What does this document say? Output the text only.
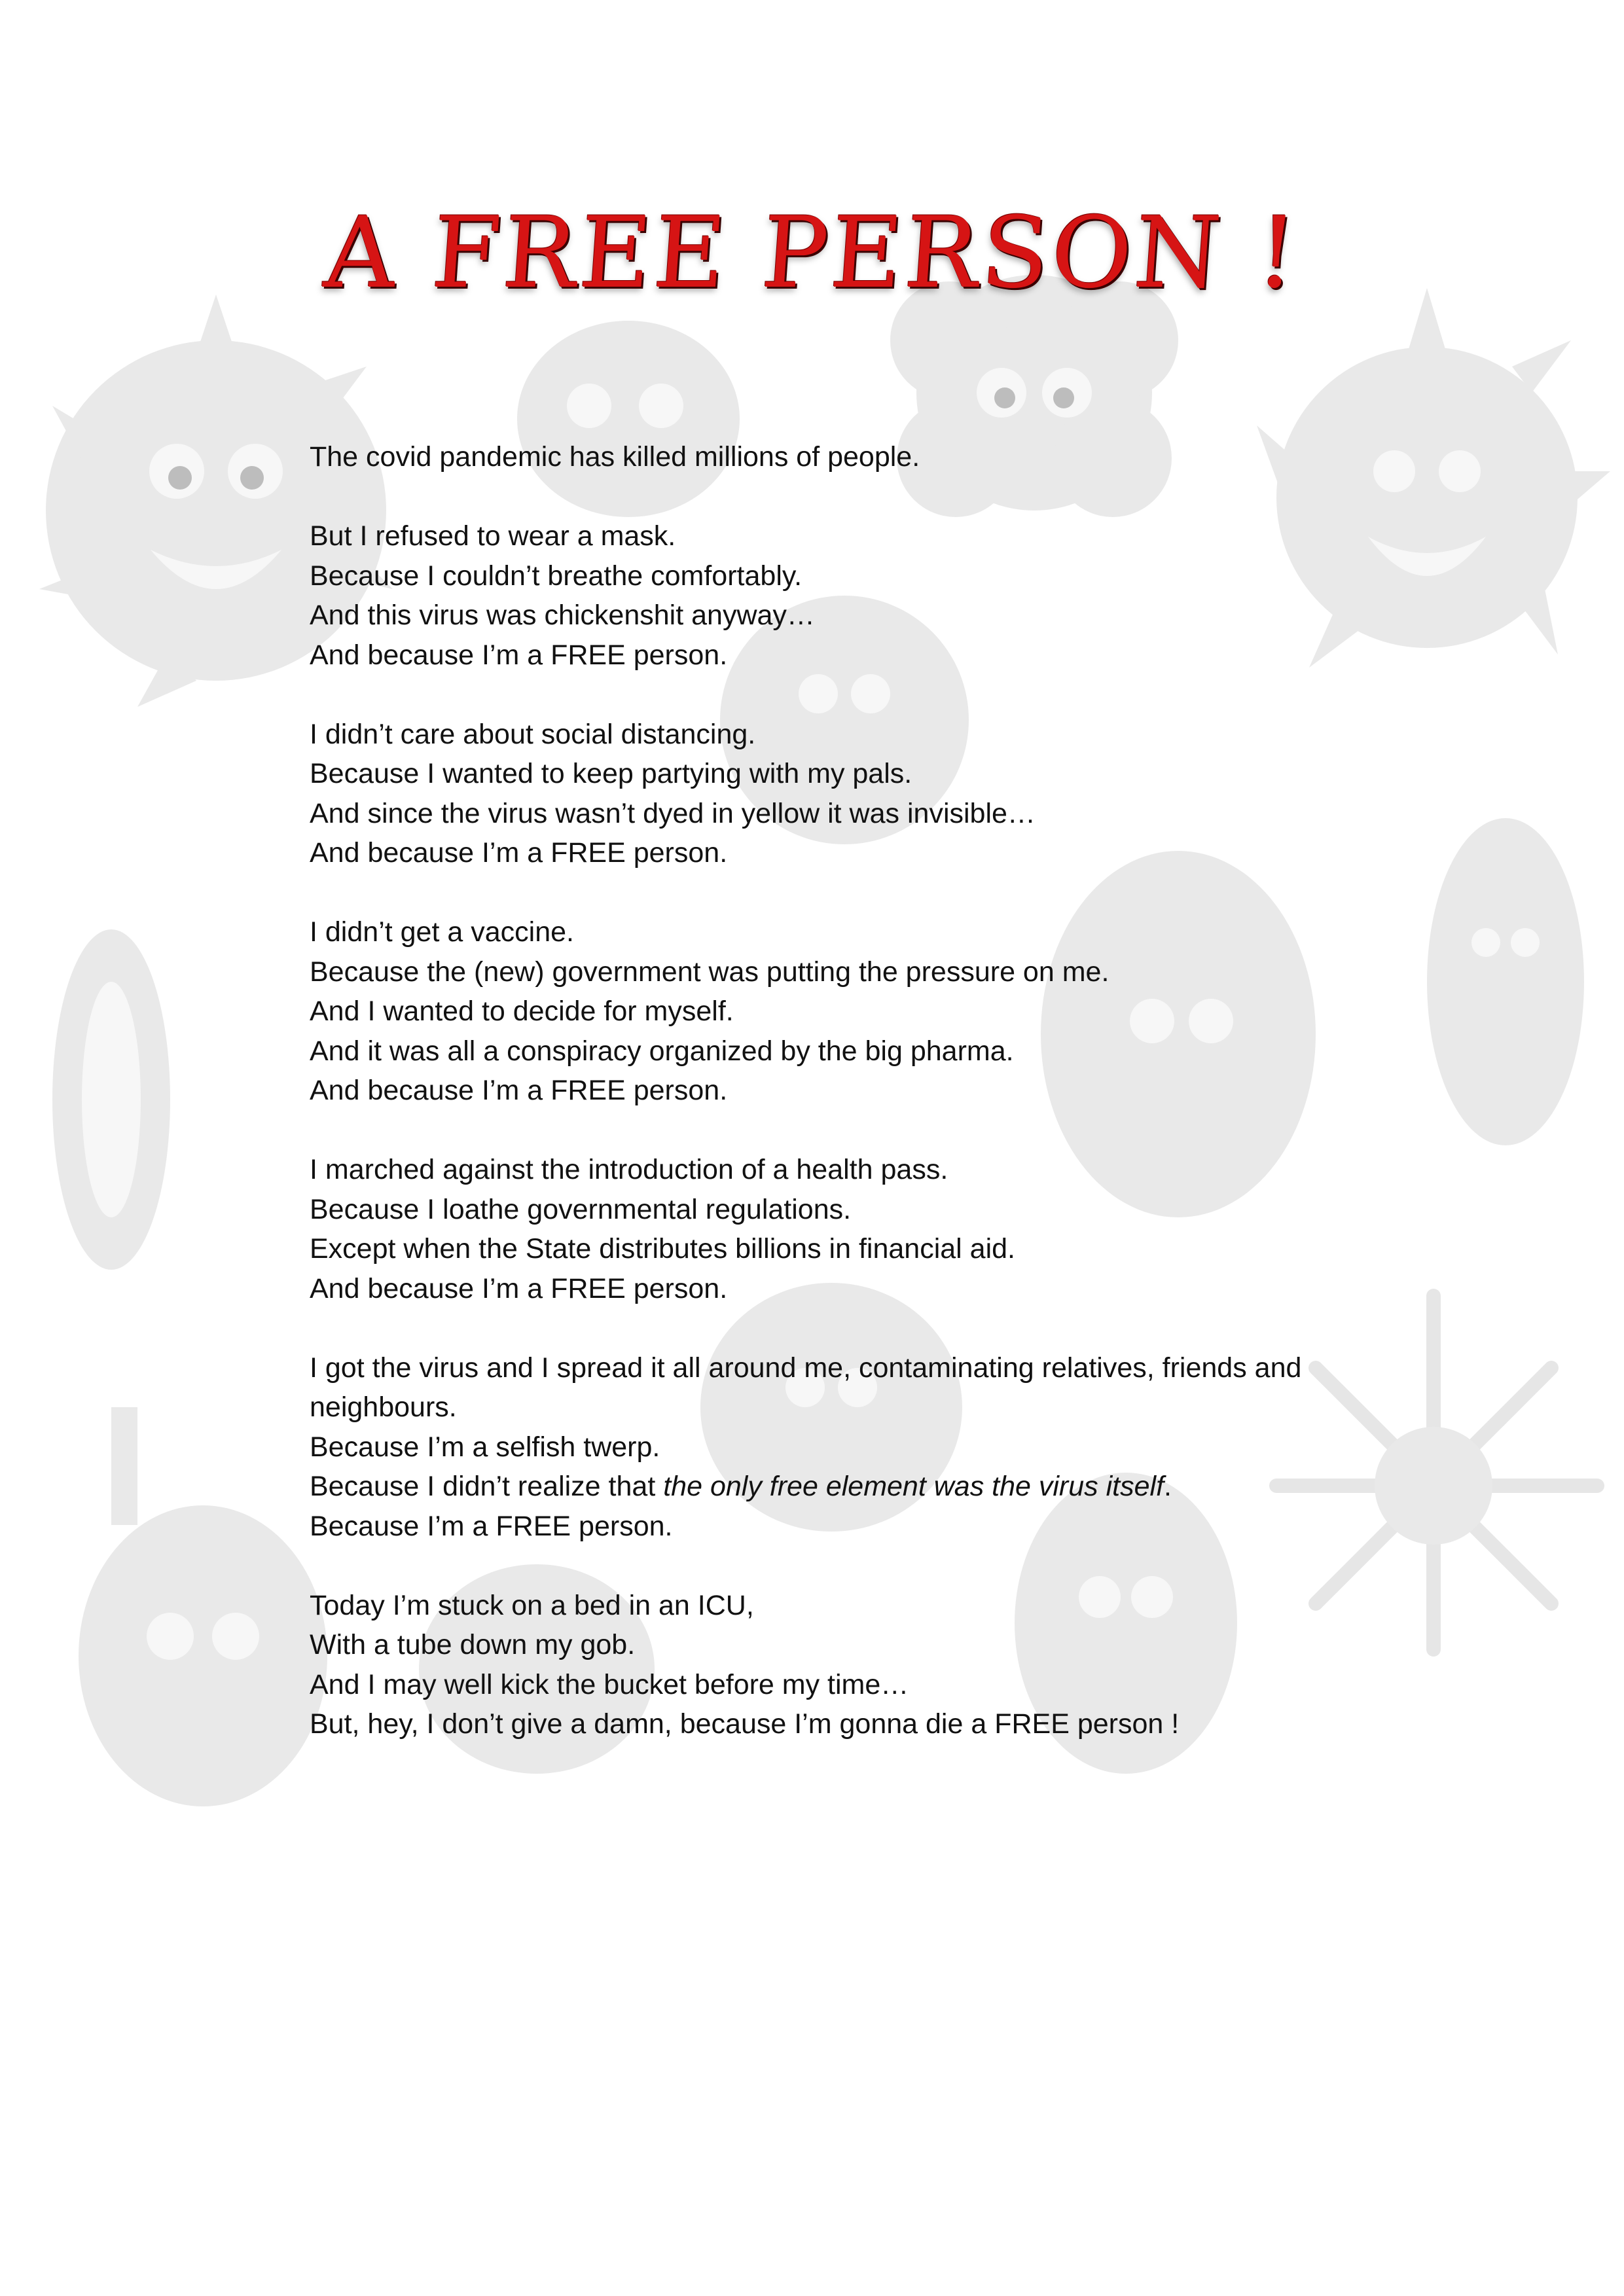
A FREE PERSON !
The covid pandemic has killed millions of people.
But I refused to wear a mask.
Because I couldn’t breathe comfortably.
And this virus was chickenshit anyway…
And because I’m a FREE person.
I didn’t care about social distancing.
Because I wanted to keep partying with my pals.
And since the virus wasn’t dyed in yellow it was invisible…
And because I’m a FREE person.
I didn’t get a vaccine.
Because the (new) government was putting the pressure on me.
And I wanted to decide for myself.
And it was all a conspiracy organized by the big pharma.
And because I’m a FREE person.
I marched against the introduction of a health pass.
Because I loathe governmental regulations.
Except when the State distributes billions in financial aid.
And because I’m a FREE person.
I got the virus and I spread it all around me, contaminating relatives, friends and neighbours.
Because I’m a selfish twerp.
Because I didn’t realize that the only free element was the virus itself.
Because I’m a FREE person.
Today I’m stuck on a bed in an ICU,
With a tube down my gob.
And I may well kick the bucket before my time…
But, hey, I don’t give a damn, because I’m gonna die a FREE person !
